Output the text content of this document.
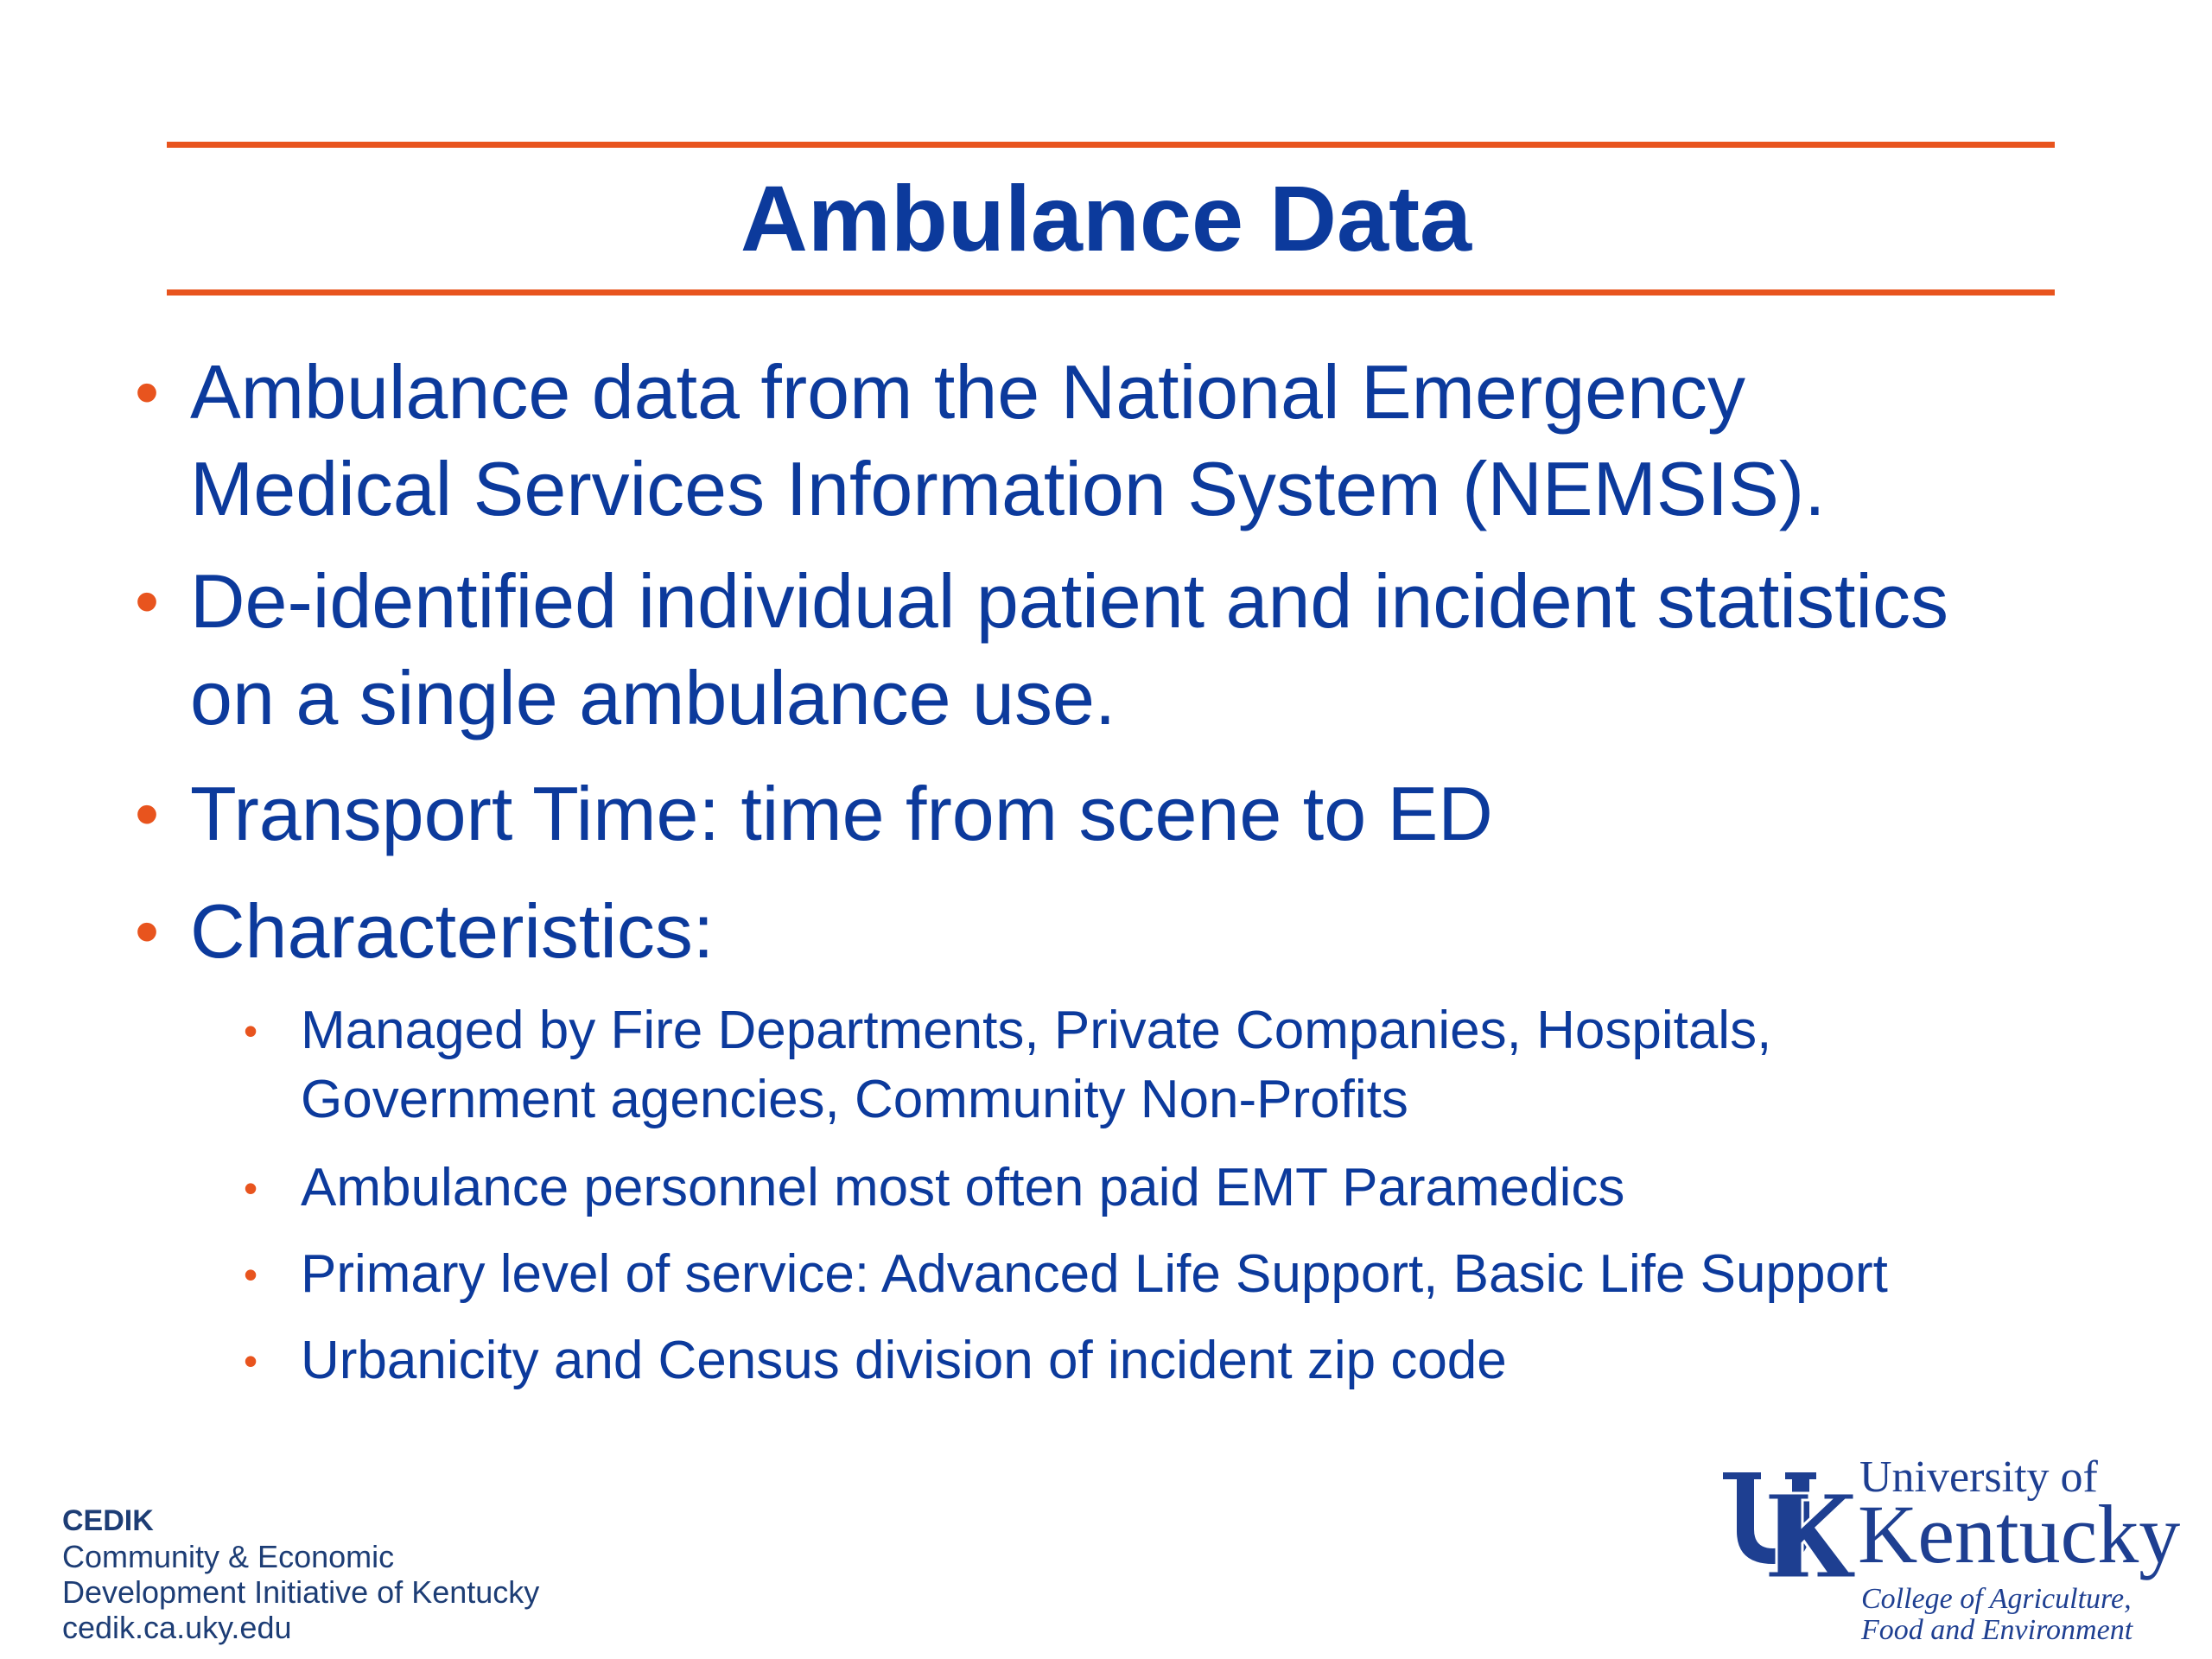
Ambulance Data
• Ambulance data from the National Emergency
Medical Services Information System (NEMSIS).
• De-identified individual patient and incident statistics
on a single ambulance use.
• Transport Time: time from scene to ED
• Characteristics:
• Managed by Fire Departments, Private Companies, Hospitals,
Government agencies, Community Non-Profits
• Ambulance personnel most often paid EMT Paramedics
• Primary level of service: Advanced Life Support, Basic Life Support
• Urbanicity and Census division of incident zip code
CEDIK
Community & Economic
Development Initiative of Kentucky
cedik.ca.uky.edu
University of
Kentucky
College of Agriculture,
Food and Environment
